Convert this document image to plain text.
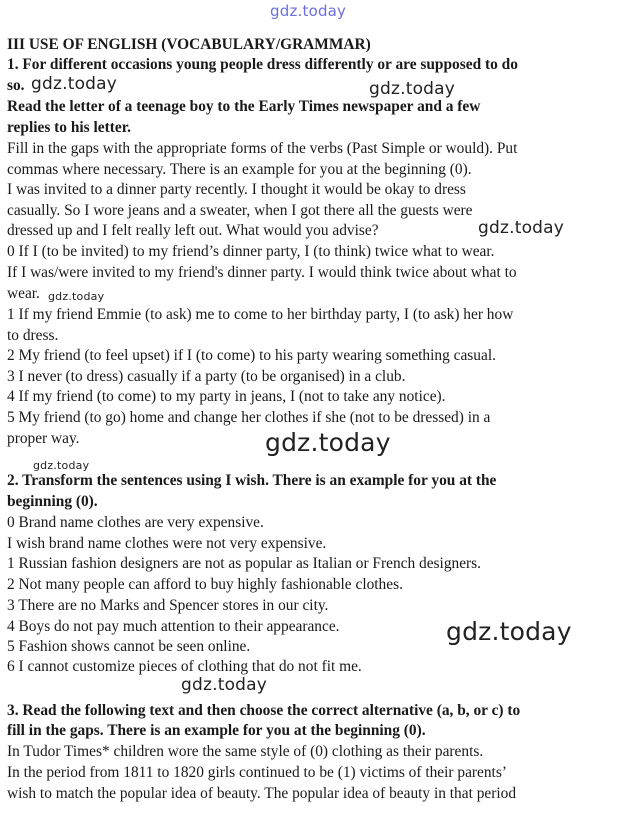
gdz.today
gdz.today	gdz.today
gdz.today
gdz.today
gdz.today
gdz.today
gdz.today
gdz.today
III USE OF ENGLISH (VOCABULARY/GRAMMAR)
1. For different occasions young people dress differently or are supposed to do
so.
Read the letter of a teenage boy to the Early Times newspaper and a few
replies to his letter.
Fill in the gaps with the appropriate forms of the verbs (Past Simple or would). Put
commas where necessary. There is an example for you at the beginning (0).
I was invited to a dinner party recently. I thought it would be okay to dress
casually. So I wore jeans and a sweater, when I got there all the guests were
dressed up and I felt really left out. What would you advise?
0 If I (to be invited) to my friend’s dinner party, I (to think) twice what to wear.
If I was/were invited to my friend's dinner party. I would think twice about what to
wear.
1 If my friend Emmie (to ask) me to come to her birthday party, I (to ask) her how
to dress.
2 My friend (to feel upset) if I (to come) to his party wearing something casual.
3 I never (to dress) casually if a party (to be organised) in a club.
4 If my friend (to come) to my party in jeans, I (not to take any notice).
5 My friend (to go) home and change her clothes if she (not to be dressed) in a
proper way.
2. Transform the sentences using I wish. There is an example for you at the
beginning (0).
0 Brand name clothes are very expensive.
I wish brand name clothes were not very expensive.
1 Russian fashion designers are not as popular as Italian or French designers.
2 Not many people can afford to buy highly fashionable clothes.
3 There are no Marks and Spencer stores in our city.
4 Boys do not pay much attention to their appearance.
5 Fashion shows cannot be seen online.
6 I cannot customize pieces of clothing that do not fit me.
3. Read the following text and then choose the correct alternative (a, b, or c) to
fill in the gaps. There is an example for you at the beginning (0).
In Tudor Times* children wore the same style of (0) clothing as their parents.
In the period from 1811 to 1820 girls continued to be (1) victims of their parents’
wish to match the popular idea of beauty. The popular idea of beauty in that period
